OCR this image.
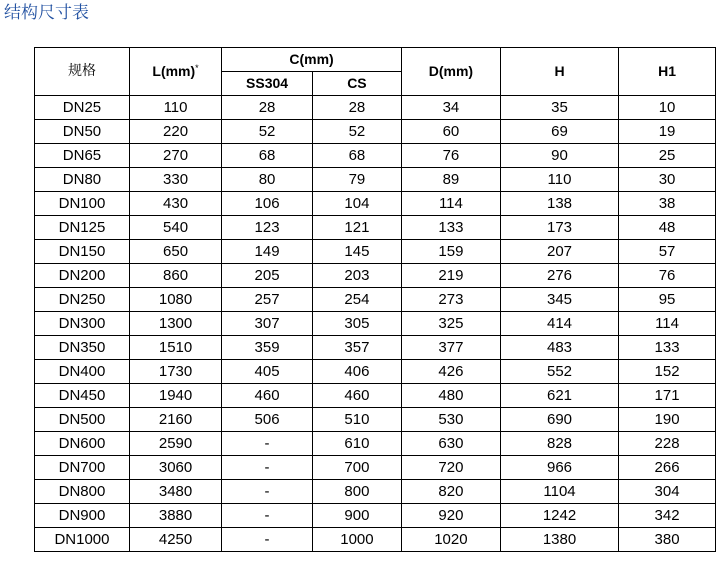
结构尺寸表
规格	L(mm)*	C(mm)		D(mm)	H	H1
		SS304	CS			
DN25	110	28	28	34	35	10
DN50	220	52	52	60	69	19
DN65	270	68	68	76	90	25
DN80	330	80	79	89	110	30
DN100	430	106	104	114	138	38
DN125	540	123	121	133	173	48
DN150	650	149	145	159	207	57
DN200	860	205	203	219	276	76
DN250	1080	257	254	273	345	95
DN300	1300	307	305	325	414	114
DN350	1510	359	357	377	483	133
DN400	1730	405	406	426	552	152
DN450	1940	460	460	480	621	171
DN500	2160	506	510	530	690	190
DN600	2590	-	610	630	828	228
DN700	3060	-	700	720	966	266
DN800	3480	-	800	820	1104	304
DN900	3880	-	900	920	1242	342
DN1000	4250	-	1000	1020	1380	380
